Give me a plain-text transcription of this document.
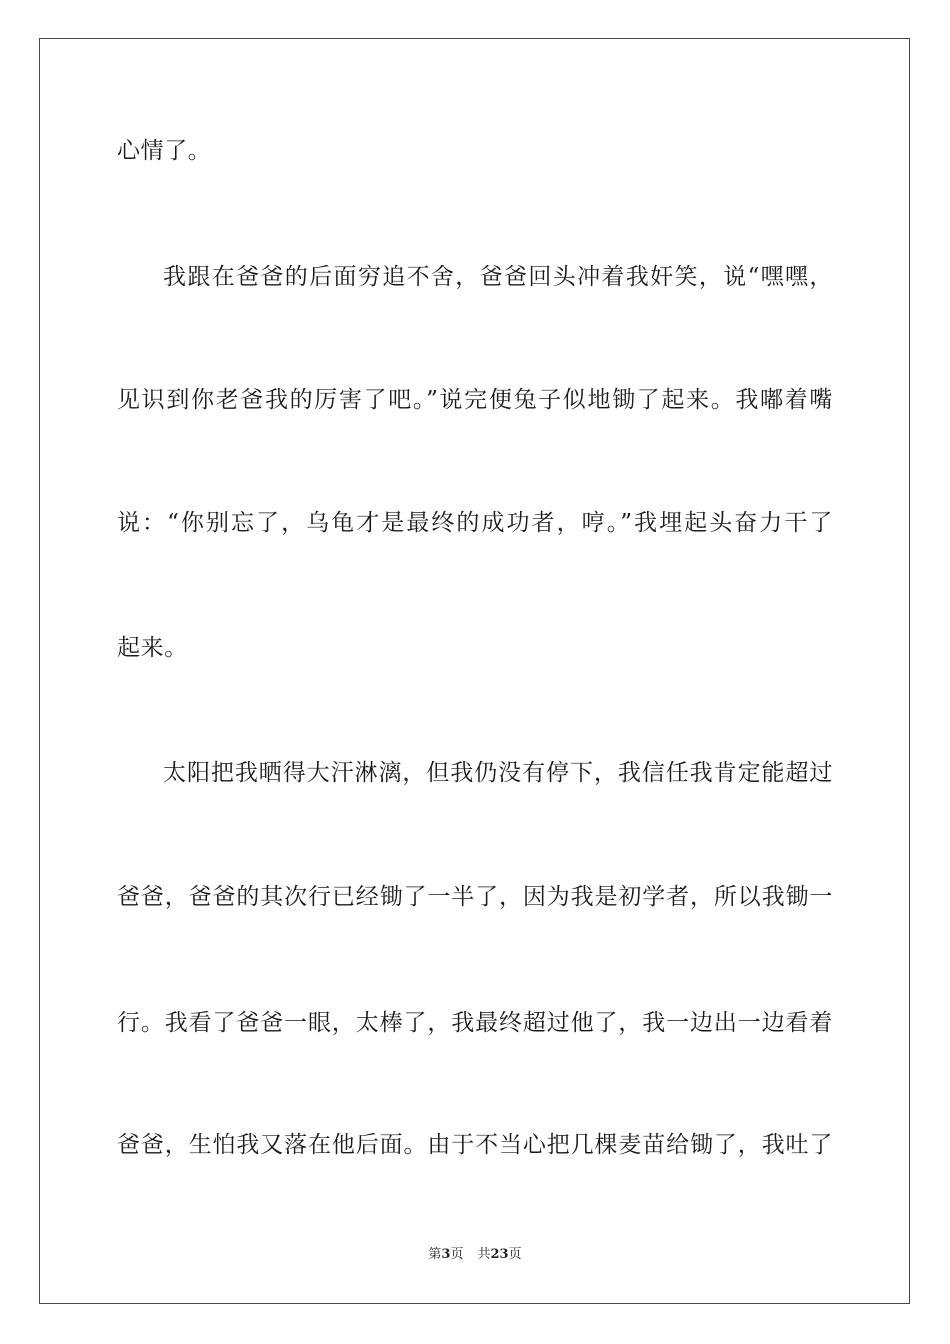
心情了。
我跟在爸爸的后面穷追不舍，爸爸回头冲着我奸笑，说“嘿嘿，
见识到你老爸我的厉害了吧。”说完便兔子似地锄了起来。我嘟着嘴
说：“你别忘了，乌龟才是最终的成功者，哼。”我埋起头奋力干了
起来。
太阳把我晒得大汗淋漓，但我仍没有停下，我信任我肯定能超过
爸爸，爸爸的其次行已经锄了一半了，因为我是初学者，所以我锄一
行。我看了爸爸一眼，太棒了，我最终超过他了，我一边出一边看着
爸爸，生怕我又落在他后面。由于不当心把几棵麦苗给锄了，我吐了
第3页 共23页
